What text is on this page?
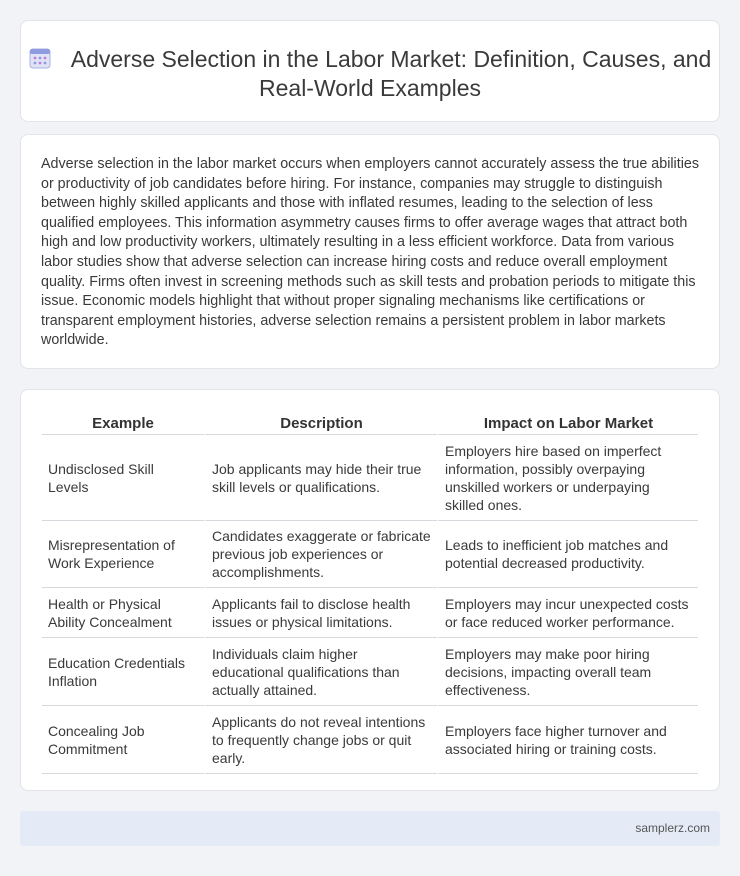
Adverse Selection in the Labor Market: Definition, Causes, and Real-World Examples

Adverse selection in the labor market occurs when employers cannot accurately assess the true abilities or productivity of job candidates before hiring. For instance, companies may struggle to distinguish between highly skilled applicants and those with inflated resumes, leading to the selection of less qualified employees. This information asymmetry causes firms to offer average wages that attract both high and low productivity workers, ultimately resulting in a less efficient workforce. Data from various labor studies show that adverse selection can increase hiring costs and reduce overall employment quality. Firms often invest in screening methods such as skill tests and probation periods to mitigate this issue. Economic models highlight that without proper signaling mechanisms like certifications or transparent employment histories, adverse selection remains a persistent problem in labor markets worldwide.

Example	Description	Impact on Labor Market
Undisclosed Skill Levels	Job applicants may hide their true skill levels or qualifications.	Employers hire based on imperfect information, possibly overpaying unskilled workers or underpaying skilled ones.
Misrepresentation of Work Experience	Candidates exaggerate or fabricate previous job experiences or accomplishments.	Leads to inefficient job matches and potential decreased productivity.
Health or Physical Ability Concealment	Applicants fail to disclose health issues or physical limitations.	Employers may incur unexpected costs or face reduced worker performance.
Education Credentials Inflation	Individuals claim higher educational qualifications than actually attained.	Employers may make poor hiring decisions, impacting overall team effectiveness.
Concealing Job Commitment	Applicants do not reveal intentions to frequently change jobs or quit early.	Employers face higher turnover and associated hiring or training costs.
samplerz.com
